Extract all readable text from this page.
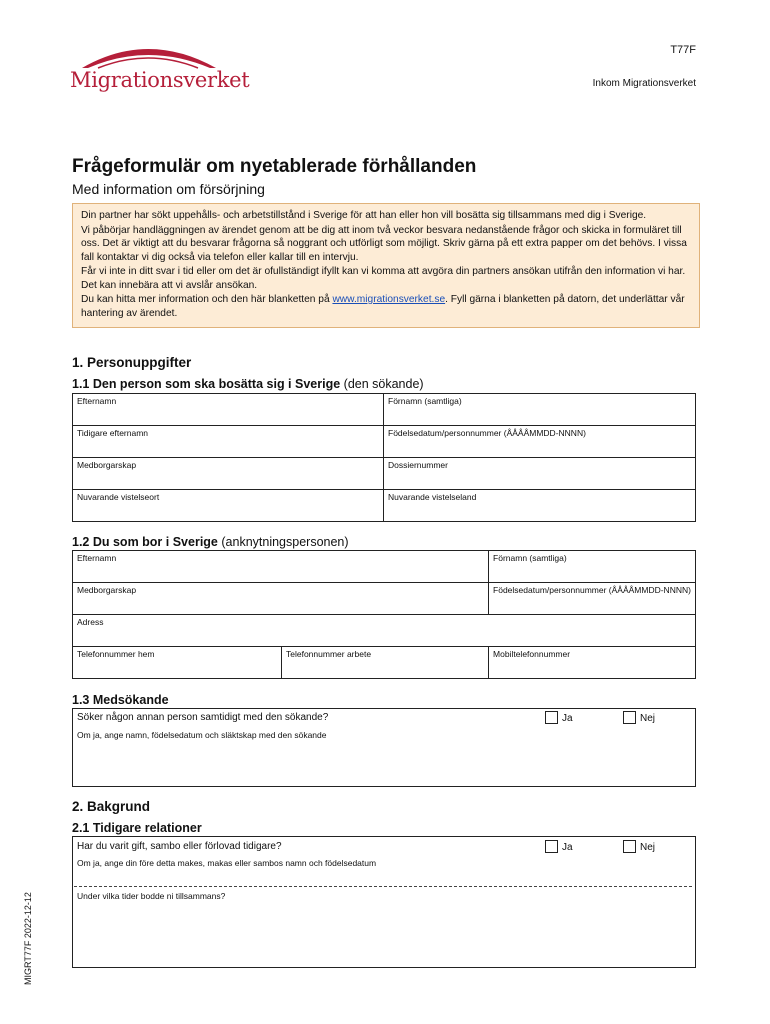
Migrationsverket
T77F
Inkom Migrationsverket
Frågeformulär om nyetablerade förhållanden
Med information om försörjning

Din partner har sökt uppehålls- och arbetstillstånd i Sverige för att han eller hon vill bosätta sig tillsammans med dig i Sverige.

Vi påbörjar handläggningen av ärendet genom att be dig att inom två veckor besvara nedanstående frågor och skicka in formuläret till oss. Det är viktigt att du besvarar frågorna så noggrant och utförligt som möjligt. Skriv gärna på ett extra papper om det behövs. I vissa fall kontaktar vi dig också via telefon eller kallar till en intervju.

Får vi inte in ditt svar i tid eller om det är ofullständigt ifyllt kan vi komma att avgöra din partners ansökan utifrån den information vi har. Det kan innebära att vi avslår ansökan.

Du kan hitta mer information och den här blanketten på www.migrationsverket.se. Fyll gärna i blanketten på datorn, det underlättar vår hantering av ärendet.

1. Personuppgifter
1.1 Den person som ska bosätta sig i Sverige (den sökande)
Efternamn	Förnamn (samtliga)
Tidigare efternamn	Födelsedatum/personnummer (ÅÅÅÅMMDD-NNNN)
Medborgarskap	Dossiernummer
Nuvarande vistelseort	Nuvarande vistelseland
1.2 Du som bor i Sverige (anknytningspersonen)
Efternamn		Förnamn (samtliga)
Medborgarskap		Födelsedatum/personnummer (ÅÅÅÅMMDD-NNNN)
Adress		
Telefonnummer hem	Telefonnummer arbete	Mobiltelefonnummer
1.3 Medsökande
Söker någon annan person samtidigt med den sökande?	Ja	Nej
Om ja, ange namn, födelsedatum och släktskap med den sökande
2. Bakgrund
2.1 Tidigare relationer
Har du varit gift, sambo eller förlovad tidigare?	Ja	Nej
Om ja, ange din före detta makes, makas eller sambos namn och födelsedatum
Under vilka tider bodde ni tillsammans?
MIGRT77F 2022-12-12
